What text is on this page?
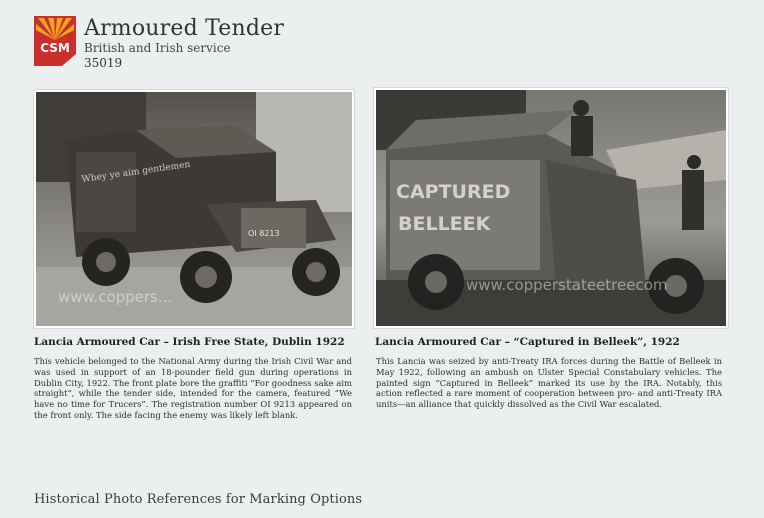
CSM
Armoured Tender
British and Irish service
35019
Whey ye aim gentlemen
OI 8213
www.coppers...
CAPTURED
BELLEEK
www.copperstateetreecom
Lancia Armoured Car – Irish Free State, Dublin 1922
This vehicle belonged to the National Army during the Irish Civil War and was used in support of an 18-pounder field gun during operations in Dublin City, 1922. The front plate bore the graffiti “For goodness sake aim straight”, while the tender side, intended for the camera, featured “We have no time for Trucers”. The registration number OI 9213 appeared on the front only. The side facing the enemy was likely left blank.
Lancia Armoured Car – “Captured in Belleek”, 1922
This Lancia was seized by anti-Treaty IRA forces during the Battle of Belleek in May 1922, following an ambush on Ulster Special Constabulary vehicles. The painted sign “Captured in Belleek” marked its use by the IRA. Notably, this action reflected a rare moment of cooperation between pro- and anti-Treaty IRA units—an alliance that quickly dissolved as the Civil War escalated.
Historical Photo References for Marking Options
